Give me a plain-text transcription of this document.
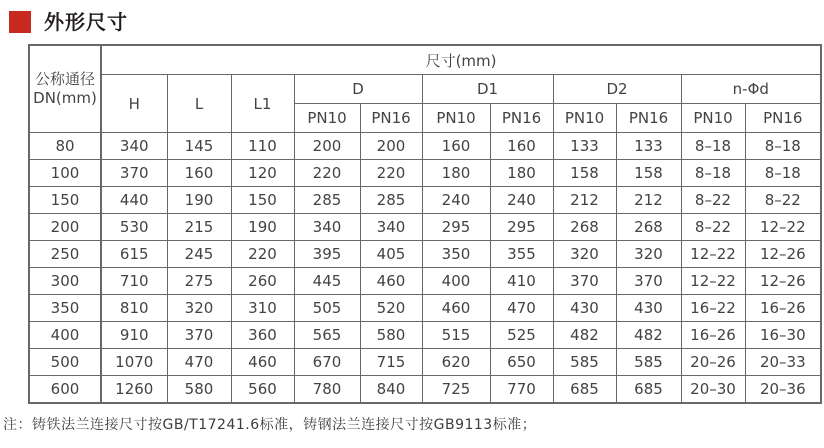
外形尺寸
公称通径
DN(mm)	尺寸(mm)										
	H	L	L1	D		D1		D2		n-Φd	
				PN10	PN16	PN10	PN16	PN10	PN16	PN10	PN16
80	340	145	110	200	200	160	160	133	133	8–18	8–18
100	370	160	120	220	220	180	180	158	158	8–18	8–18
150	440	190	150	285	285	240	240	212	212	8–22	8–22
200	530	215	190	340	340	295	295	268	268	8–22	12–22
250	615	245	220	395	405	350	355	320	320	12–22	12–26
300	710	275	260	445	460	400	410	370	370	12–22	12–26
350	810	320	310	505	520	460	470	430	430	16–22	16–26
400	910	370	360	565	580	515	525	482	482	16–26	16–30
500	1070	470	460	670	715	620	650	585	585	20–26	20–33
600	1260	580	560	780	840	725	770	685	685	20–30	20–36
注：铸铁法兰连接尺寸按GB/T17241.6标准，铸钢法兰连接尺寸按GB9113标准；
